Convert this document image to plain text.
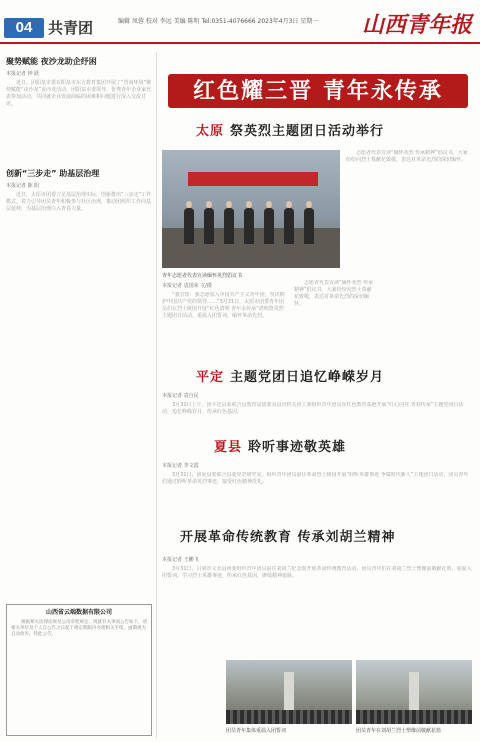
04	共青团	编辑 凤蓉 校对 李远 美编 陈明 Tel:0351-4076666 2023年4月3日 星期一	山西青年报
聚势赋能 夜沙龙助企纾困
本报记者 钟 跃

近日，团阳泉市委在阳泉市东方教育集团开展了“营商环境”聚势赋能“夜沙龙”夜沙龙活动，团阳泉市委领导、优秀青年企业家代表参加活动，共同就企业发展面临的困难和问题进行深入交流讨论。

创新“三步走” 助基层治理
本报记者 陈 阳

近日，太原市团委立足基层治理实际，创新推出“三步走”工作模式，着力引导团员青年积极参与社区治理，推动团组织工作向基层延伸，为基层治理注入青春力量。

山西省云端数据有限公司

根据相关法律法规及公司章程规定，现就有关事项公告如下，请相关单位及个人自公告之日起于规定期限内办理相关手续，逾期视为自动放弃。特此公告。

红色耀三晋 青年永传承
太原 祭英烈主题团日活动举行
青年志愿者代表宣读缅怀英烈倡议书
本报记者 袁国荣 文/摄
“我宣誓：我志愿加入中国共产主义青年团，坚决拥护中国共产党的领导……”3月31日，太原市团委青年团员们在烈士陵园开展“红色清明 青年永传承”清明祭英烈主题团日活动，重温入团誓词，缅怀革命先烈。
志愿者代表宣读“缅怀英烈 传承精神”倡议书，大家纷纷向烈士墓献花致敬，表达对革命先烈的深切缅怀。
志愿者代表宣读“缅怀英烈 传承精神”倡议书，大家纷纷向烈士墓献花致敬，表达对革命先烈的深切缅怀。
平定 主题党团日追忆峥嵘岁月
本报记者 袁自民
3月31日上午，团平定县委联合县教育局团委及县直机关团工委组织青年团员在红色教育基地开展“红心向党 青春传承”主题党团日活动，追忆峥嵘岁月，传承红色基因。
夏县 聆听事迹敬英雄
本报记者 李文霞
3月31日，团夏县委联合县委党史研究室，组织青年团员前往革命烈士陵园开展“聆听英雄事迹 争做时代新人”主题团日活动，团员青年们通过聆听革命英烈事迹，接受红色精神洗礼。
开展革命传统教育 传承刘胡兰精神
本报记者 王鹏飞
3月31日，吕梁市文水县团委组织青年团员前往刘胡兰纪念馆开展革命传统教育活动，团员青年们在刘胡兰烈士塑像前敬献花篮，重温入团誓词，学习烈士英雄事迹，传承红色基因，赓续精神血脉。
团员青年集体重温入团誓词	团员青年在刘胡兰烈士塑像前敬献花篮
